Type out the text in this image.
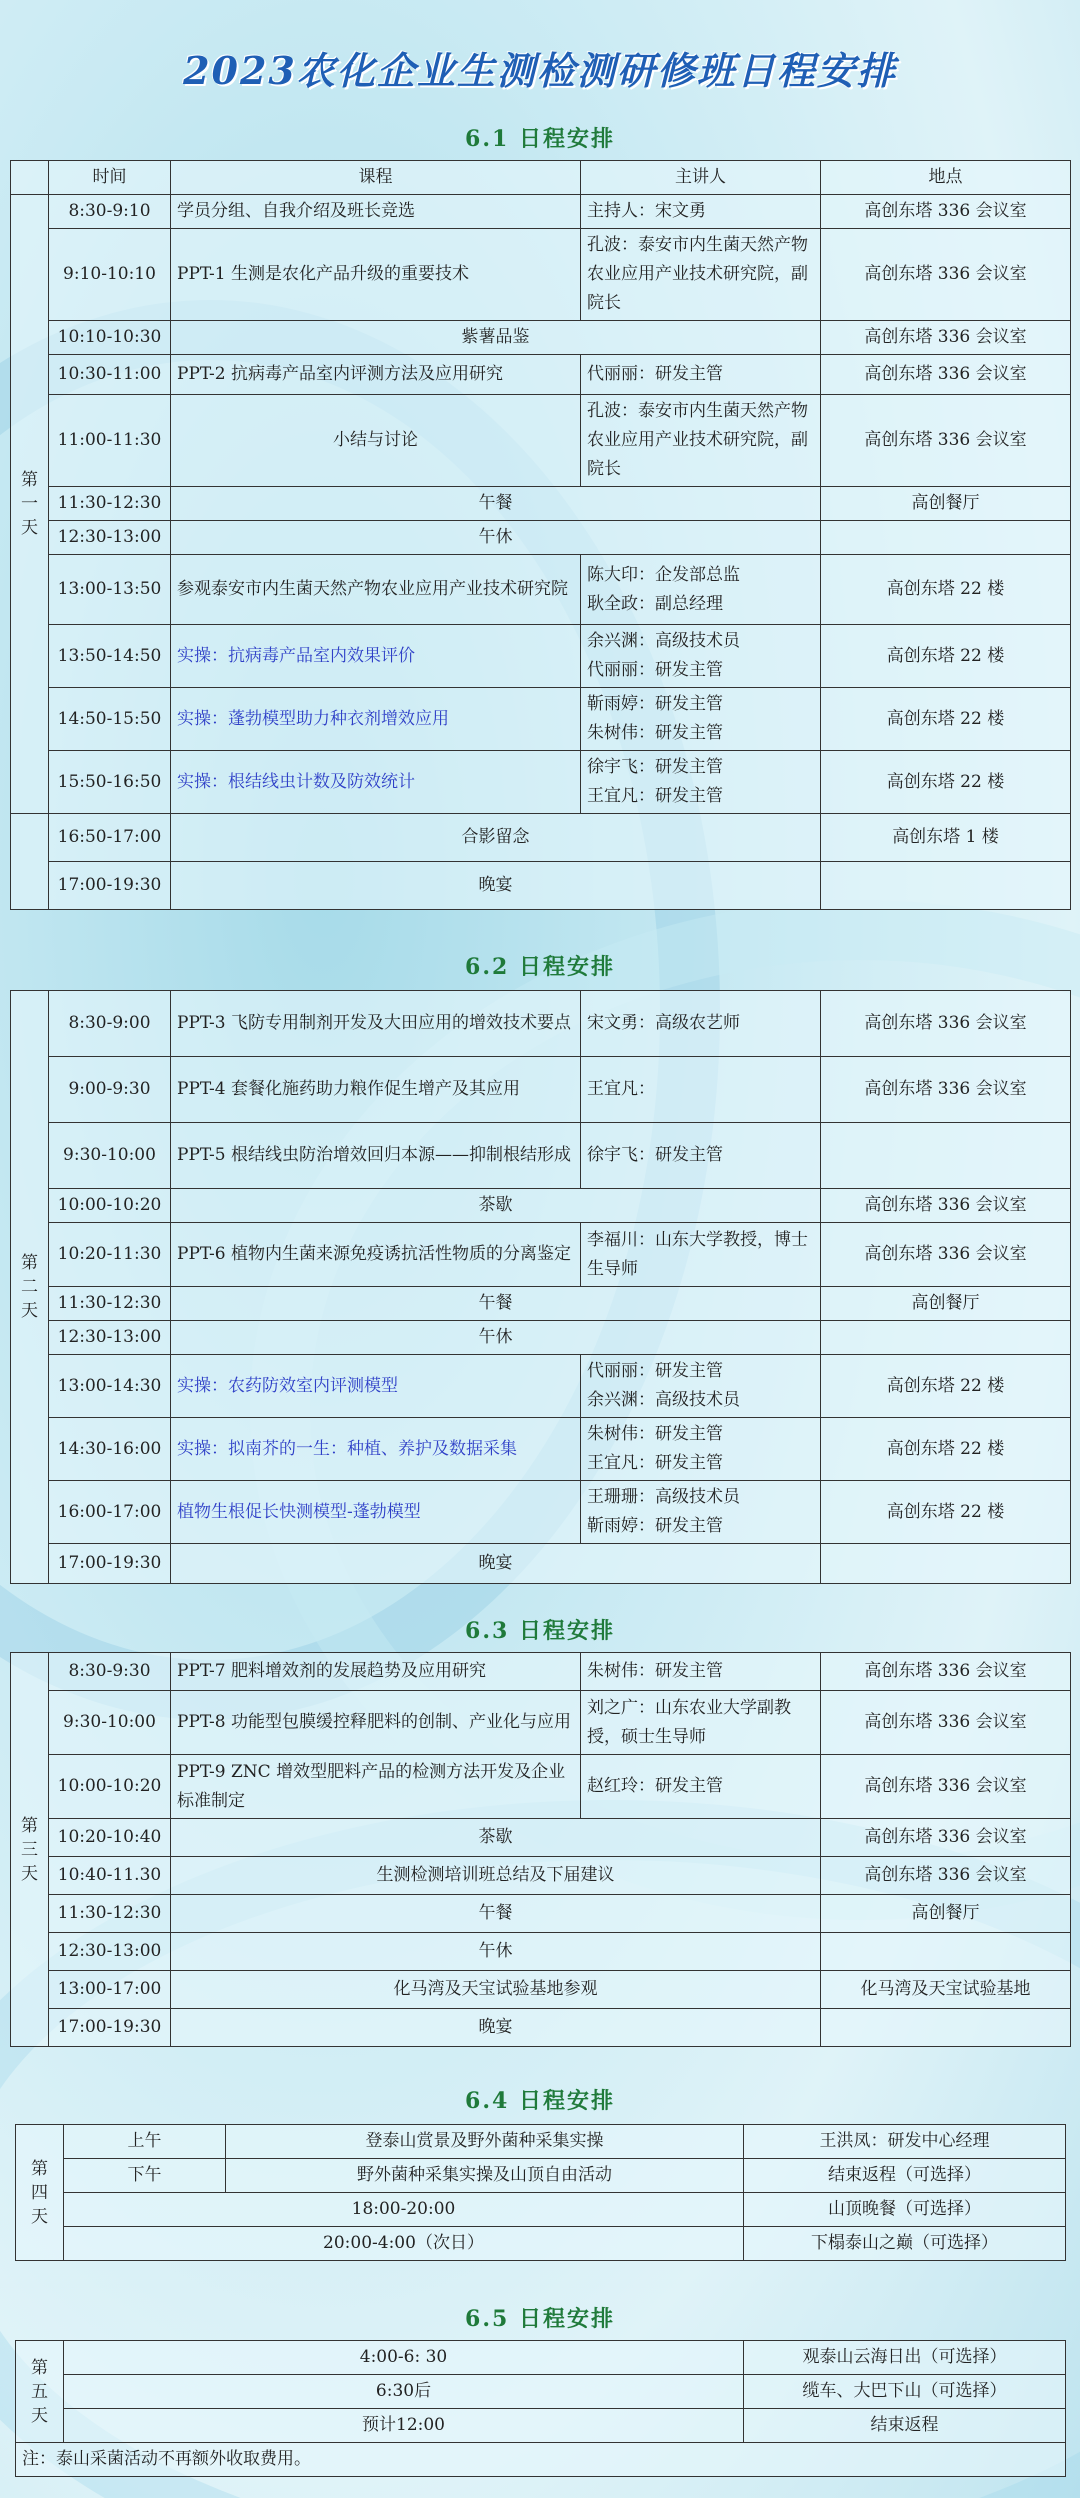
2023农化企业生测检测研修班日程安排
6.1 日程安排
	时间	课程	主讲人	地点
第
一
天	8:30-9:10	学员分组、自我介绍及班长竞选	主持人：宋文勇	高创东塔 336 会议室
	9:10-10:10	PPT-1 生测是农化产品升级的重要技术	孔波：泰安市内生菌天然产物农业应用产业技术研究院，副院长	高创东塔 336 会议室
	10:10-10:30	紫薯品鉴		高创东塔 336 会议室
	10:30-11:00	PPT-2 抗病毒产品室内评测方法及应用研究	代丽丽：研发主管	高创东塔 336 会议室
	11:00-11:30	小结与讨论	孔波：泰安市内生菌天然产物农业应用产业技术研究院，副院长	高创东塔 336 会议室
	11:30-12:30	午餐		高创餐厅
	12:30-13:00	午休		
	13:00-13:50	参观泰安市内生菌天然产物农业应用产业技术研究院	陈大印：企发部总监
耿全政：副总经理	高创东塔 22 楼
	13:50-14:50	实操：抗病毒产品室内效果评价	余兴渊：高级技术员
代丽丽：研发主管	高创东塔 22 楼
	14:50-15:50	实操：蓬勃模型助力种衣剂增效应用	靳雨婷：研发主管
朱树伟：研发主管	高创东塔 22 楼
	15:50-16:50	实操：根结线虫计数及防效统计	徐宇飞：研发主管
王宜凡：研发主管	高创东塔 22 楼
	16:50-17:00	合影留念		高创东塔 1 楼
	17:00-19:30	晚宴		
6.2 日程安排
第
二
天	8:30-9:00	PPT-3 飞防专用制剂开发及大田应用的增效技术要点	宋文勇：高级农艺师	高创东塔 336 会议室
	9:00-9:30	PPT-4 套餐化施药助力粮作促生增产及其应用	王宜凡：	高创东塔 336 会议室
	9:30-10:00	PPT-5 根结线虫防治增效回归本源——抑制根结形成	徐宇飞：研发主管	
	10:00-10:20	茶歇		高创东塔 336 会议室
	10:20-11:30	PPT-6 植物内生菌来源免疫诱抗活性物质的分离鉴定	李福川：山东大学教授，博士生导师	高创东塔 336 会议室
	11:30-12:30	午餐		高创餐厅
	12:30-13:00	午休		
	13:00-14:30	实操：农药防效室内评测模型	代丽丽：研发主管
余兴渊：高级技术员	高创东塔 22 楼
	14:30-16:00	实操：拟南芥的一生：种植、养护及数据采集	朱树伟：研发主管
王宜凡：研发主管	高创东塔 22 楼
	16:00-17:00	植物生根促长快测模型-蓬勃模型	王珊珊：高级技术员
靳雨婷：研发主管	高创东塔 22 楼
	17:00-19:30	晚宴		
6.3 日程安排
第
三
天	8:30-9:30	PPT-7 肥料增效剂的发展趋势及应用研究	朱树伟：研发主管	高创东塔 336 会议室
	9:30-10:00	PPT-8 功能型包膜缓控释肥料的创制、产业化与应用	刘之广：山东农业大学副教授，硕士生导师	高创东塔 336 会议室
	10:00-10:20	PPT-9 ZNC 增效型肥料产品的检测方法开发及企业标准制定	赵红玲：研发主管	高创东塔 336 会议室
	10:20-10:40	茶歇		高创东塔 336 会议室
	10:40-11.30	生测检测培训班总结及下届建议		高创东塔 336 会议室
	11:30-12:30	午餐		高创餐厅
	12:30-13:00	午休		
	13:00-17:00	化马湾及天宝试验基地参观		化马湾及天宝试验基地
	17:00-19:30	晚宴		
6.4 日程安排
第
四
天	上午	登泰山赏景及野外菌种采集实操	王洪凤：研发中心经理
	下午	野外菌种采集实操及山顶自由活动	结束返程（可选择）
	18:00-20:00		山顶晚餐（可选择）
	20:00-4:00（次日）		下榻泰山之巅（可选择）
6.5 日程安排
第
五
天	4:00-6: 30	观泰山云海日出（可选择）
	6:30后	缆车、大巴下山（可选择）
	预计12:00	结束返程
注：泰山采菌活动不再额外收取费用。		
